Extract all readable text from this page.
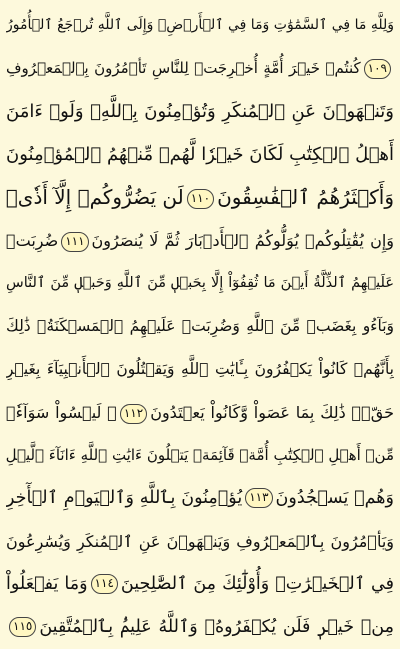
وَلِلَّهِ مَا فِي ٱلسَّمَٰوَٰتِ وَمَا فِي ٱلۡأَرۡضِۚ وَإِلَى ٱللَّهِ تُرۡجَعُ ٱلۡأُمُورُ
١٠٩كُنتُمۡ خَيۡرَ أُمَّةٍ أُخۡرِجَتۡ لِلنَّاسِ تَأۡمُرُونَ بِٱلۡمَعۡرُوفِ
وَتَنۡهَوۡنَ عَنِ ٱلۡمُنكَرِ وَتُؤۡمِنُونَ بِٱللَّهِۗ وَلَوۡ ءَامَنَ
أَهۡلُ ٱلۡكِتَٰبِ لَكَانَ خَيۡرٗا لَّهُمۚ مِّنۡهُمُ ٱلۡمُؤۡمِنُونَ
وَأَكۡثَرُهُمُ ٱلۡفَٰسِقُونَ١١٠لَن يَضُرُّوكُمۡ إِلَّآ أَذٗىۖ
وَإِن يُقَٰتِلُوكُمۡ يُوَلُّوكُمُ ٱلۡأَدۡبَارَ ثُمَّ لَا يُنصَرُونَ١١١ضُرِبَتۡ
عَلَيۡهِمُ ٱلذِّلَّةُ أَيۡنَ مَا ثُقِفُوٓاْ إِلَّا بِحَبۡلٖ مِّنَ ٱللَّهِ وَحَبۡلٖ مِّنَ ٱلنَّاسِ
وَبَآءُو بِغَضَبٖ مِّنَ ٱللَّهِ وَضُرِبَتۡ عَلَيۡهِمُ ٱلۡمَسۡكَنَةُۚ ذَٰلِكَ
بِأَنَّهُمۡ كَانُواْ يَكۡفُرُونَ بِـَٔايَٰتِ ٱللَّهِ وَيَقۡتُلُونَ ٱلۡأَنۢبِيَآءَ بِغَيۡرِ
حَقّٖۚ ذَٰلِكَ بِمَا عَصَواْ وَّكَانُواْ يَعۡتَدُونَ١١٢۞ لَيۡسُواْ سَوَآءٗۗ
مِّنۡ أَهۡلِ ٱلۡكِتَٰبِ أُمَّةٞ قَآئِمَةٞ يَتۡلُونَ ءَايَٰتِ ٱللَّهِ ءَانَآءَ ٱلَّيۡلِ
وَهُمۡ يَسۡجُدُونَ١١٣يُؤۡمِنُونَ بِٱللَّهِ وَٱلۡيَوۡمِ ٱلۡأٓخِرِ
وَيَأۡمُرُونَ بِٱلۡمَعۡرُوفِ وَيَنۡهَوۡنَ عَنِ ٱلۡمُنكَرِ وَيُسَٰرِعُونَ
فِي ٱلۡخَيۡرَٰتِۖ وَأُوْلَٰٓئِكَ مِنَ ٱلصَّٰلِحِينَ١١٤وَمَا يَفۡعَلُواْ
مِنۡ خَيۡرٖ فَلَن يُكۡفَرُوهُۗ وَٱللَّهُ عَلِيمُۢ بِٱلۡمُتَّقِينَ١١٥
